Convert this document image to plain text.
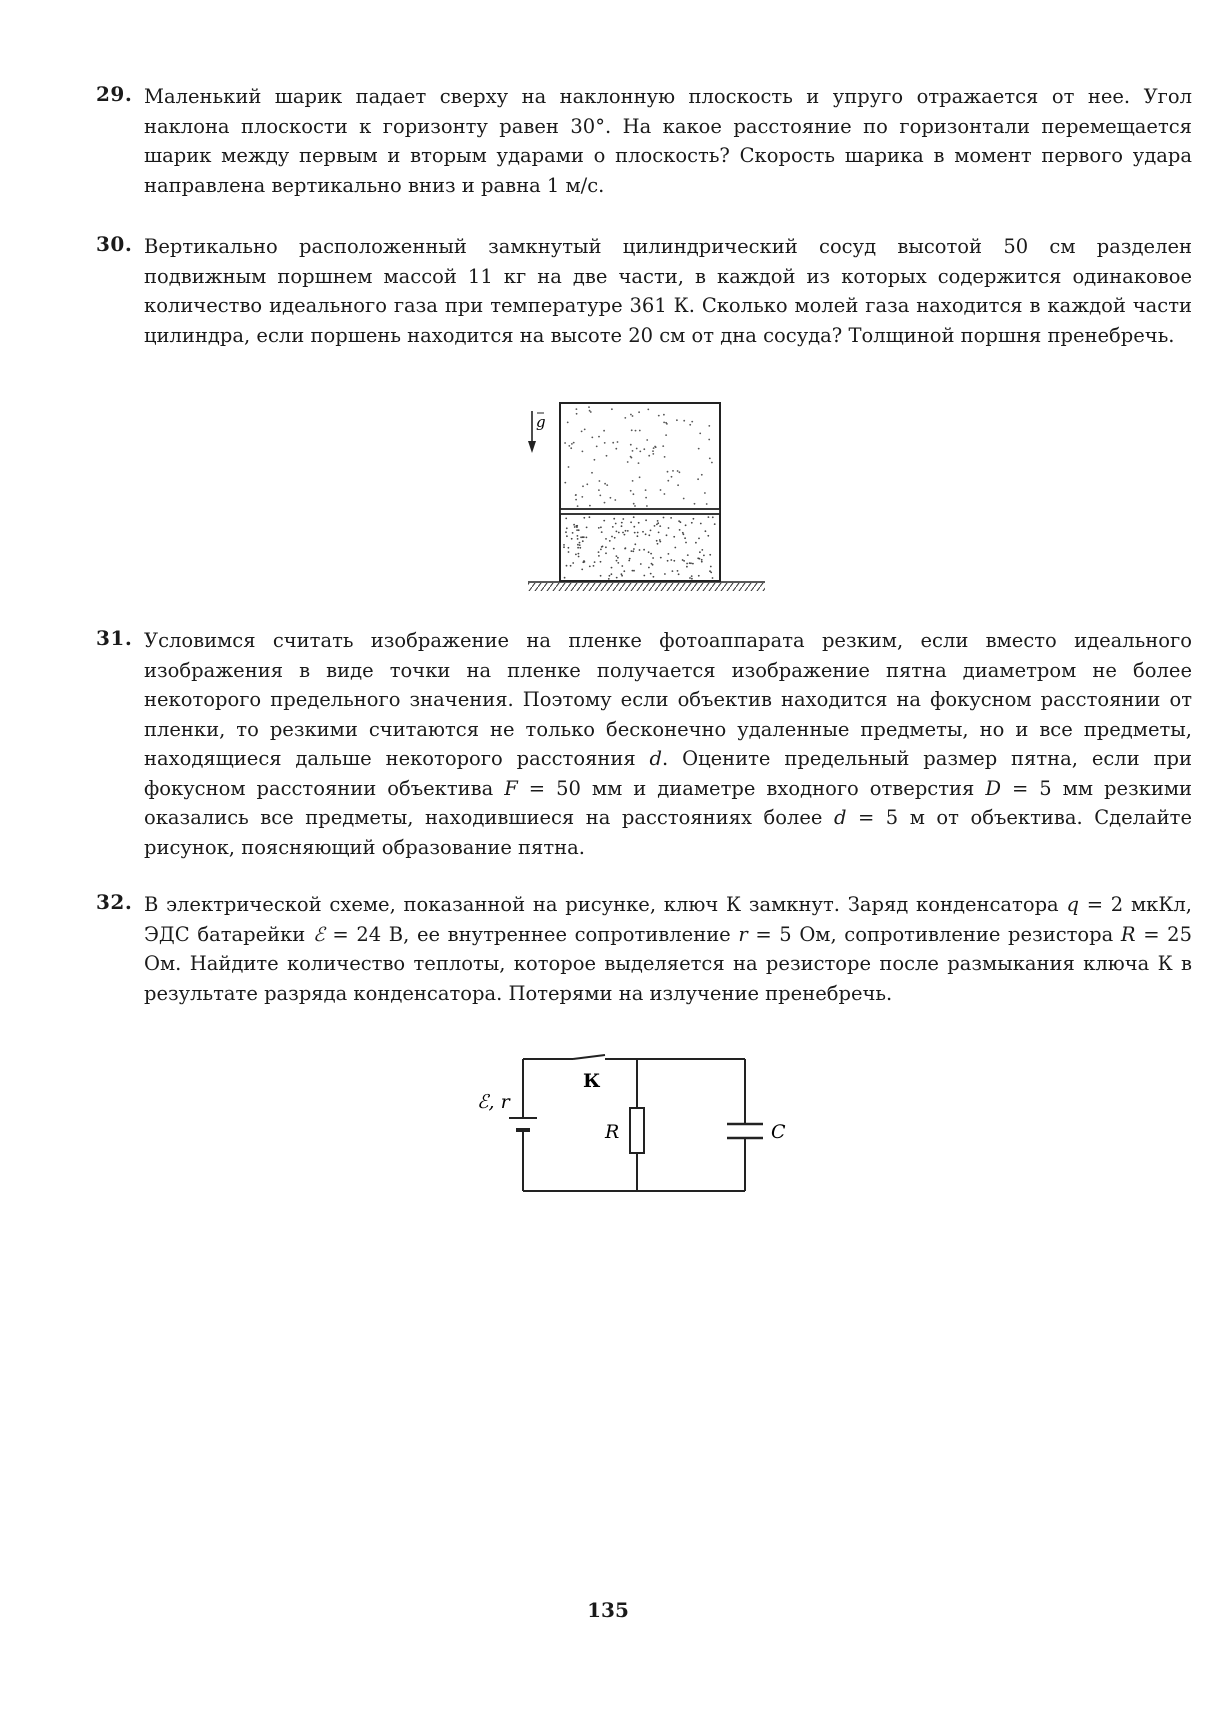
29. Маленький шарик падает сверху на наклонную плоскость и упруго отражается от нее. Угол наклона плоскости к горизонту равен 30°. На какое расстояние по горизонтали перемещается шарик между первым и вторым ударами о плоскость? Скорость шарика в момент первого удара направлена вертикально вниз и равна 1 м/с.
30. Вертикально расположенный замкнутый цилиндрический сосуд высотой 50 см разделен подвижным поршнем массой 11 кг на две части, в каждой из которых содержится одинаковое количество идеального газа при температуре 361 К. Сколько молей газа находится в каждой части цилиндра, если поршень находится на высоте 20 см от дна сосуда? Толщиной поршня пренебречь.
g
31. Условимся считать изображение на пленке фотоаппарата резким, если вместо идеального изображения в виде точки на пленке получается изображение пятна диаметром не более некоторого предельного значения. Поэтому если объектив находится на фокусном расстоянии от пленки, то резкими считаются не только бесконечно удаленные предметы, но и все предметы, находящиеся дальше некоторого расстояния d. Оцените предельный размер пятна, если при фокусном расстоянии объектива F = 50 мм и диаметре входного отверстия D = 5 мм резкими оказались все предметы, находившиеся на расстояниях более d = 5 м от объектива. Сделайте рисунок, поясняющий образование пятна.
32. В электрической схеме, показанной на рисунке, ключ К замкнут. Заряд конденсатора q = 2 мкКл, ЭДС батарейки ℰ = 24 В, ее внутреннее сопротивление r = 5 Ом, сопротивление резистора R = 25 Ом. Найдите количество теплоты, которое выделяется на резисторе после размыкания ключа К в результате разряда конденсатора. Потерями на излучение пренебречь.
ℰ, r
К
R	C
135
